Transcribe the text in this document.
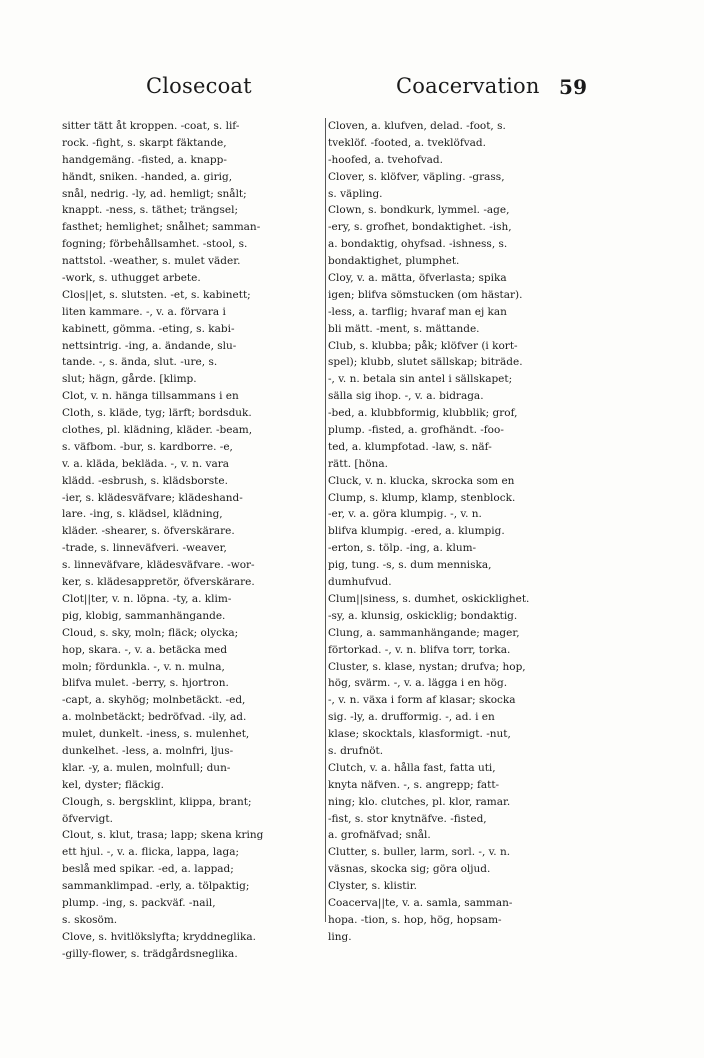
Closecoat	Coacervation 59
sitter tätt åt kroppen. -coat, s. lif-
rock. -fight, s. skarpt fäktande,
handgemäng. -fisted, a. knapp-
händt, sniken. -handed, a. girig,
snål, nedrig. -ly, ad. hemligt; snålt;
knappt. -ness, s. täthet; trängsel;
fasthet; hemlighet; snålhet; samman-
fogning; förbehållsamhet. -stool, s.
nattstol. -weather, s. mulet väder.
-work, s. uthugget arbete.
Clos||et, s. slutsten. -et, s. kabinett;
liten kammare. -, v. a. förvara i
kabinett, gömma. -eting, s. kabi-
nettsintrig. -ing, a. ändande, slu-
tande. -, s. ända, slut. -ure, s.
slut; hägn, gårde. [klimp.
Clot, v. n. hänga tillsammans i en
Cloth, s. kläde, tyg; lärft; bordsduk.
clothes, pl. klädning, kläder. -beam,
s. väfbom. -bur, s. kardborre. -e,
v. a. kläda, bekläda. -, v. n. vara
klädd. -esbrush, s. klädsborste.
-ier, s. klädesväfvare; klädeshand-
lare. -ing, s. klädsel, klädning,
kläder. -shearer, s. öfverskärare.
-trade, s. linneväfveri. -weaver,
s. linneväfvare, klädesväfvare. -wor-
ker, s. klädesappretör, öfverskärare.
Clot||ter, v. n. löpna. -ty, a. klim-
pig, klobig, sammanhängande.
Cloud, s. sky, moln; fläck; olycka;
hop, skara. -, v. a. betäcka med
moln; fördunkla. -, v. n. mulna,
blifva mulet. -berry, s. hjortron.
-capt, a. skyhög; molnbetäckt. -ed,
a. molnbetäckt; bedröfvad. -ily, ad.
mulet, dunkelt. -iness, s. mulenhet,
dunkelhet. -less, a. molnfri, ljus-
klar. -y, a. mulen, molnfull; dun-
kel, dyster; fläckig.
Clough, s. bergsklint, klippa, brant;
öfvervigt.
Clout, s. klut, trasa; lapp; skena kring
ett hjul. -, v. a. flicka, lappa, laga;
beslå med spikar. -ed, a. lappad;
sammanklimpad. -erly, a. tölpaktig;
plump. -ing, s. packväf. -nail,
s. skosöm.
Clove, s. hvitlökslyfta; kryddneglika.
-gilly-flower, s. trädgårdsneglika.
Cloven, a. klufven, delad. -foot, s.
tveklöf. -footed, a. tveklöfvad.
-hoofed, a. tvehofvad.
Clover, s. klöfver, väpling. -grass,
s. väpling.
Clown, s. bondkurk, lymmel. -age,
-ery, s. grofhet, bondaktighet. -ish,
a. bondaktig, ohyfsad. -ishness, s.
bondaktighet, plumphet.
Cloy, v. a. mätta, öfverlasta; spika
igen; blifva sömstucken (om hästar).
-less, a. tarflig; hvaraf man ej kan
bli mätt. -ment, s. mättande.
Club, s. klubba; påk; klöfver (i kort-
spel); klubb, slutet sällskap; biträde.
-, v. n. betala sin antel i sällskapet;
sälla sig ihop. -, v. a. bidraga.
-bed, a. klubbformig, klubblik; grof,
plump. -fisted, a. grofhändt. -foo-
ted, a. klumpfotad. -law, s. näf-
rätt. [höna.
Cluck, v. n. klucka, skrocka som en
Clump, s. klump, klamp, stenblock.
-er, v. a. göra klumpig. -, v. n.
blifva klumpig. -ered, a. klumpig.
-erton, s. tölp. -ing, a. klum-
pig, tung. -s, s. dum menniska,
dumhufvud.
Clum||siness, s. dumhet, oskicklighet.
-sy, a. klunsig, oskicklig; bondaktig.
Clung, a. sammanhängande; mager,
förtorkad. -, v. n. blifva torr, torka.
Cluster, s. klase, nystan; drufva; hop,
hög, svärm. -, v. a. lägga i en hög.
-, v. n. växa i form af klasar; skocka
sig. -ly, a. drufformig. -, ad. i en
klase; skocktals, klasformigt. -nut,
s. drufnöt.
Clutch, v. a. hålla fast, fatta uti,
knyta näfven. -, s. angrepp; fatt-
ning; klo. clutches, pl. klor, ramar.
-fist, s. stor knytnäfve. -fisted,
a. grofnäfvad; snål.
Clutter, s. buller, larm, sorl. -, v. n.
väsnas, skocka sig; göra oljud.
Clyster, s. klistir.
Coacerva||te, v. a. samla, samman-
hopa. -tion, s. hop, hög, hopsam-
ling.
